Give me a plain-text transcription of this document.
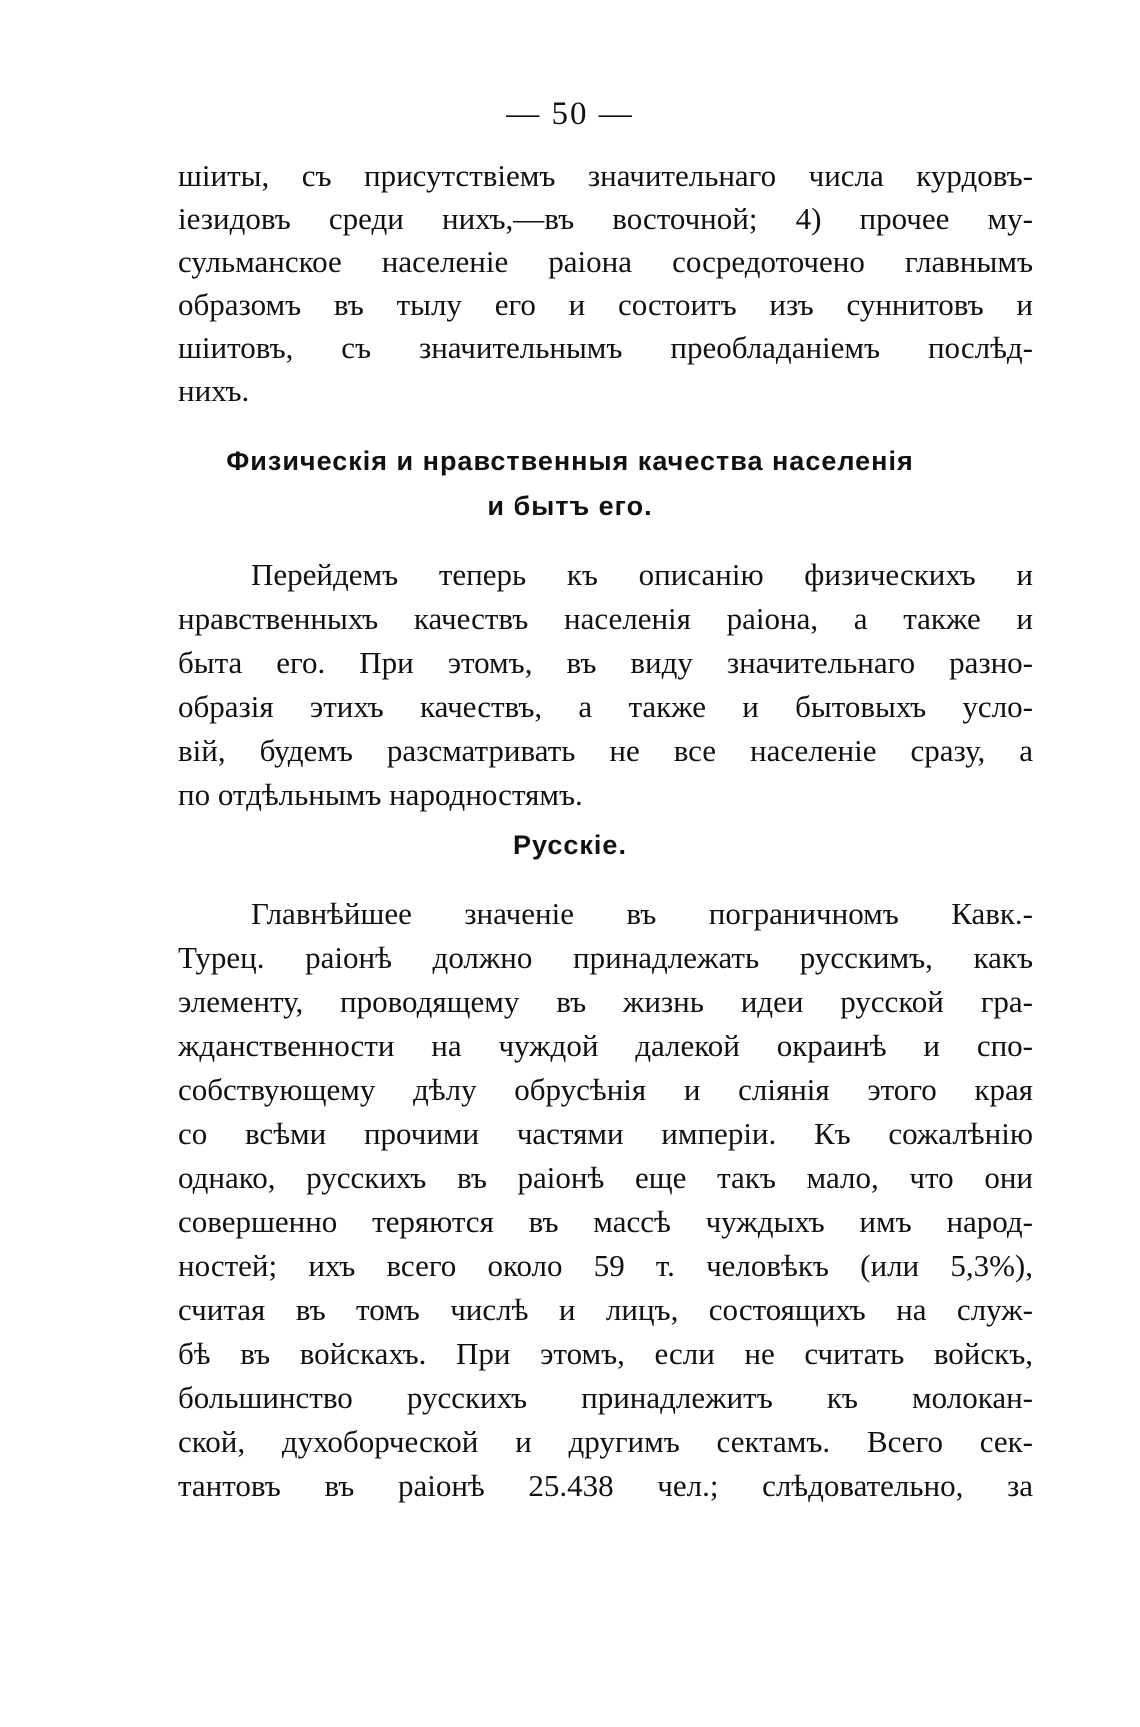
— 50 —
шiиты, съ присутствiемъ значительнаго числа курдовъ-
iезидовъ среди нихъ,—въ восточной; 4) прочее му-
сульманское населенiе раiона сосредоточено главнымъ
образомъ въ тылу его и состоитъ изъ суннитовъ и
шiитовъ, съ значительнымъ преобладанiемъ послѣд-
нихъ.
Физическiя и нравственныя качества населенiя
и бытъ его.
Перейдемъ теперь къ описанiю физическихъ и
нравственныхъ качествъ населенiя раiона, а также и
быта его. При этомъ, въ виду значительнаго разно-
образiя этихъ качествъ, а также и бытовыхъ усло-
вiй, будемъ разсматривать не все населенiе сразу, а
по отдѣльнымъ народностямъ.
Русскiе.
Главнѣйшее значенiе въ пограничномъ Кавк.-
Турец. раiонѣ должно принадлежать русскимъ, какъ
элементу, проводящему въ жизнь идеи русской гра-
жданственности на чуждой далекой окраинѣ и спо-
собствующему дѣлу обрусѣнiя и слiянiя этого края
со всѣми прочими частями имперiи. Къ сожалѣнiю
однако, русскихъ въ раiонѣ еще такъ мало, что они
совершенно теряются въ массѣ чуждыхъ имъ народ-
ностей; ихъ всего около 59 т. человѣкъ (или 5,3%),
считая въ томъ числѣ и лицъ, состоящихъ на служ-
бѣ въ войскахъ. При этомъ, если не считать войскъ,
большинство русскихъ принадлежитъ къ молокан-
ской, духоборческой и другимъ сектамъ. Всего сек-
тантовъ въ раiонѣ 25.438 чел.; слѣдовательно, за
